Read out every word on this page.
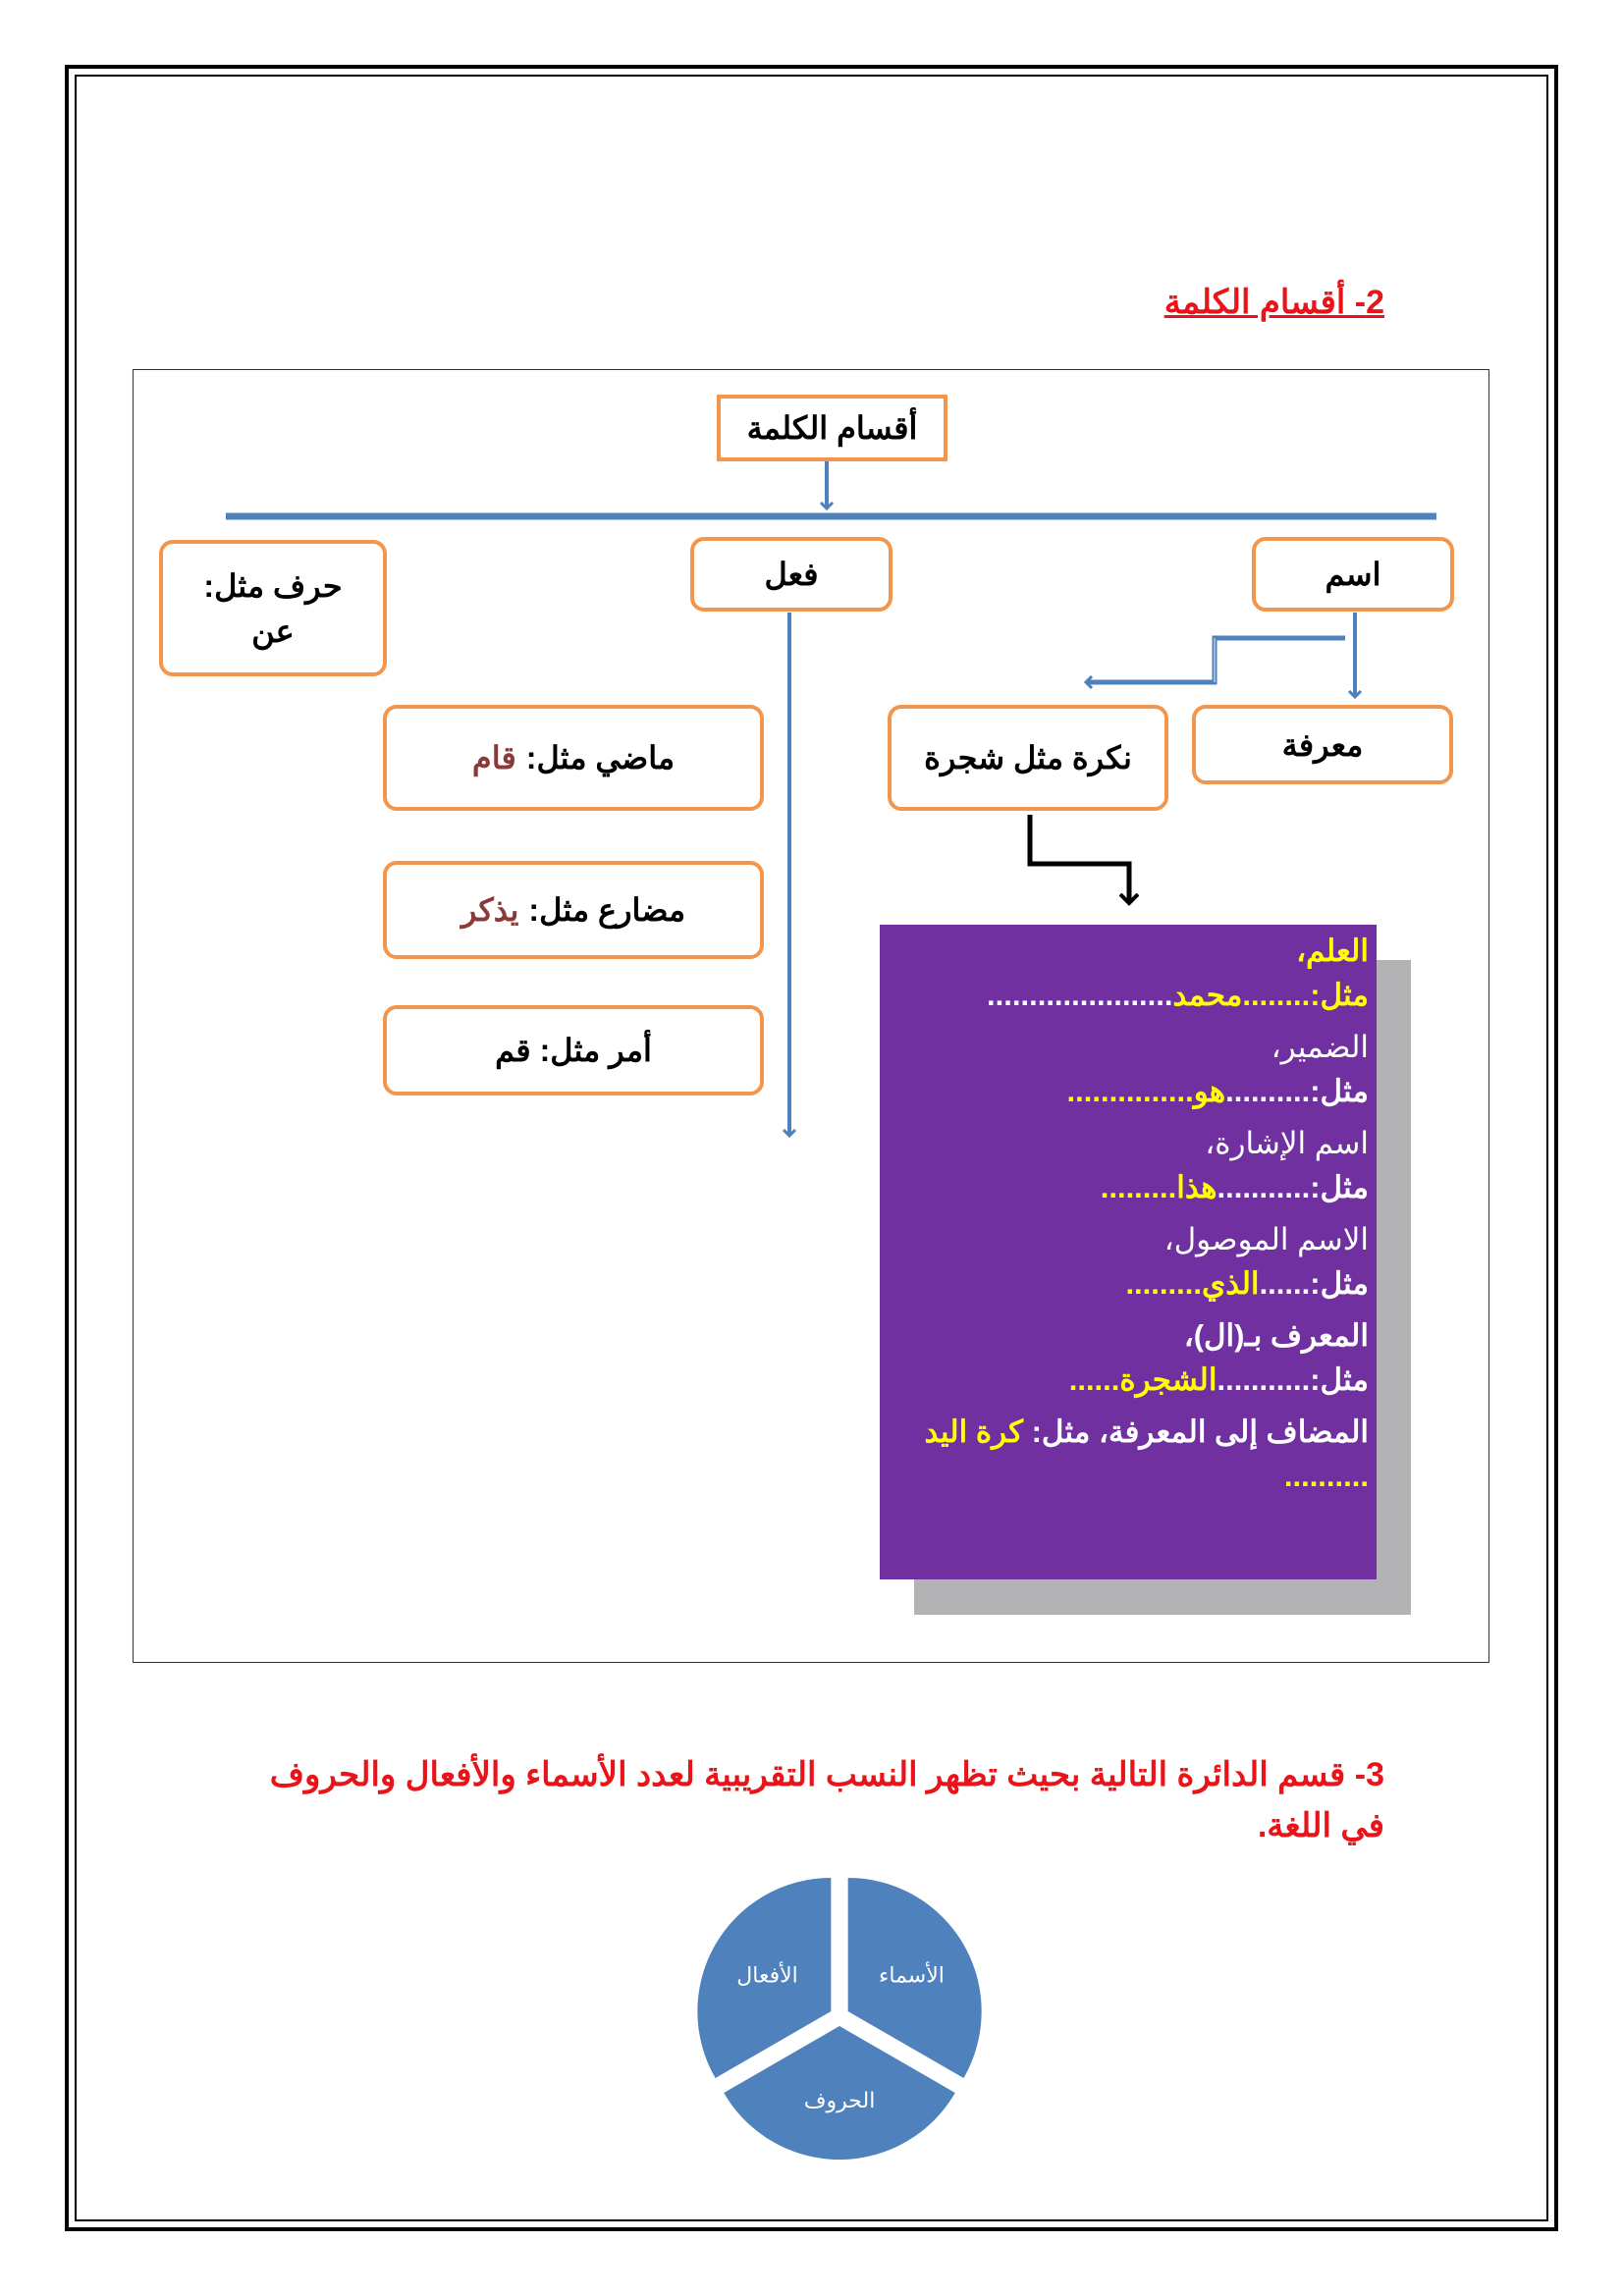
2- أقسام الكلمة
أقسام الكلمة
اسم
فعل
حرف مثل:
عن
معرفة
نكرة مثل شجرة
ماضي مثل:
قام
مضارع مثل:
يذكر
أمر مثل: قم
العلم،
مثل:........محمد......................
الضمير،
مثل:..........هو...............
اسم الإشارة،
مثل:...........هذا.........
الاسم الموصول،
مثل:......الذي.........
المعرف بـ(ال)،
مثل:...........الشجرة......
المضاف إلى المعرفة، مثل: كرة اليد
..........
3- قسم الدائرة التالية بحيث تظهر النسب التقريبية لعدد الأسماء والأفعال والحروف في اللغة.
الأسماء
الحروف
الأفعال
